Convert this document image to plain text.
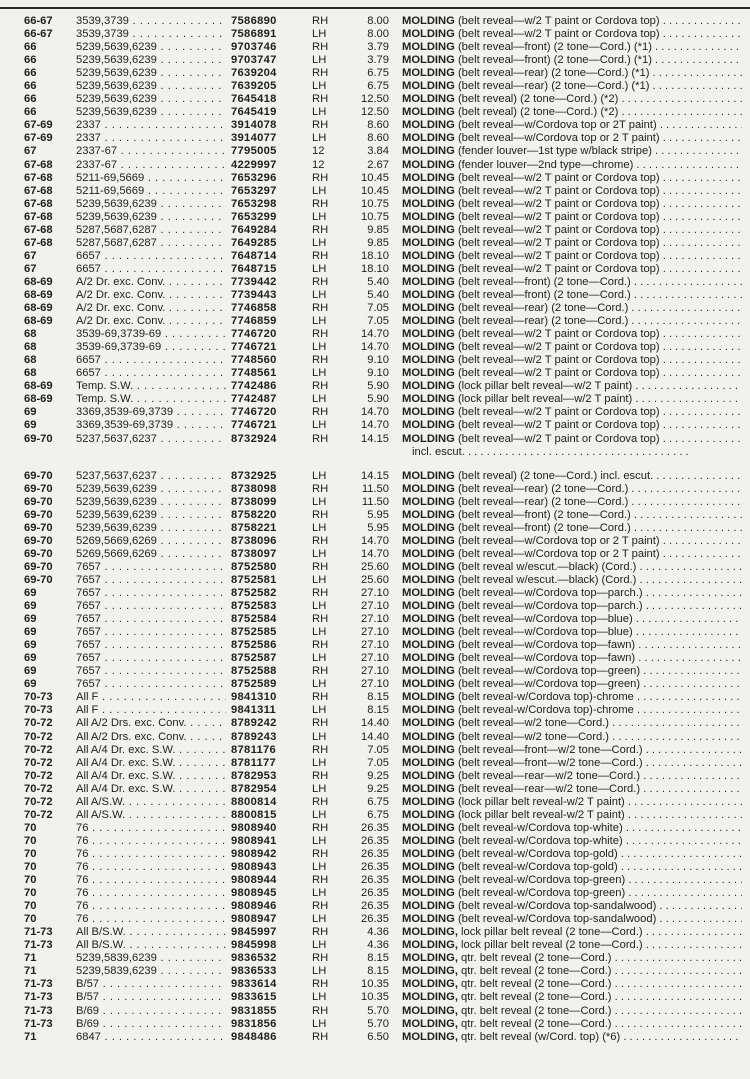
66-67 3539,3739 . . .	7586890	RH	8.00 MOLDING (belt reveal—w/2 T paint or Cordova top) . . .
66-67 3539,3739 . . .	7586891	LH	8.00 MOLDING (belt reveal—w/2 T paint or Cordova top) . . .
66	5239,5639,6239 . . .	9703746	RH	3.79 MOLDING (belt reveal—front) (2 tone—Cord.) (*1) . . .
66	5239,5639,6239 . . .	9703747	LH	3.79 MOLDING (belt reveal—front) (2 tone—Cord.) (*1) . . .
66	5239,5639,6239 . . .	7639204	RH	6.75 MOLDING (belt reveal—rear) (2 tone—Cord.) (*1) . . .
66	5239,5639,6239 . . .	7639205	LH	6.75 MOLDING (belt reveal—rear) (2 tone—Cord.) (*1) . . .
66	5239,5639,6239 . . .	7645418	RH	12.50 MOLDING (belt reveal) (2 tone—Cord.) (*2) . . .
66	5239,5639,6239 . . .	7645419	LH	12.50 MOLDING (belt reveal) (2 tone—Cord.) (*2) . . .
67-69 2337 . . .	3914078	RH	8.60 MOLDING (belt reveal—w/Cordova top or 2T paint) . . .
67-69 2337 . . .	3914077	LH	8.60 MOLDING (belt reveal—w/Cordova top or 2 T paint) . . .
67	2337-67 . . .	7795005	12	3.84 MOLDING (fender louver—1st type w/black stripe) . . .
67-68 2337-67 . . .	4229997	12	2.67 MOLDING (fender louver—2nd type—chrome) . . .
67-68 5211-69,5669 . . .	7653296	RH	10.45 MOLDING (belt reveal—w/2 T paint or Cordova top) . . .
67-68 5211-69,5669 . . .	7653297	LH	10.45 MOLDING (belt reveal—w/2 T paint or Cordova top) . . .
67-68 5239,5639,6239 . . .	7653298	RH	10.75 MOLDING (belt reveal—w/2 T paint or Cordova top) . . .
67-68 5239,5639,6239 . . .	7653299	LH	10.75 MOLDING (belt reveal—w/2 T paint or Cordova top) . . .
67-68 5287,5687,6287 . . .	7649284	RH	9.85 MOLDING (belt reveal—w/2 T paint or Cordova top) . . .
67-68 5287,5687,6287 . . .	7649285	LH	9.85 MOLDING (belt reveal—w/2 T paint or Cordova top) . . .
67	6657 . . .	7648714	RH	18.10 MOLDING (belt reveal—w/2 T paint or Cordova top) . . .
67	6657 . . .	7648715	LH	18.10 MOLDING (belt reveal—w/2 T paint or Cordova top) . . .
68-69 A/2 Dr. exc. Conv. . . .	7739442	RH	5.40 MOLDING (belt reveal—front) (2 tone—Cord.) . . .
68-69 A/2 Dr. exc. Conv. . . .	7739443	LH	5.40 MOLDING (belt reveal—front) (2 tone—Cord.) . . .
68-69 A/2 Dr. exc. Conv. . . .	7746858	RH	7.05 MOLDING (belt reveal—rear) (2 tone—Cord.) . . .
68-69 A/2 Dr. exc. Conv. . . .	7746859	LH	7.05 MOLDING (belt reveal—rear) (2 tone—Cord.) . . .
68	3539-69,3739-69 . . .	7746720	RH	14.70 MOLDING (belt reveal—w/2 T paint or Cordova top) . . .
68	3539-69,3739-69 . . .	7746721	LH	14.70 MOLDING (belt reveal—w/2 T paint or Cordova top) . . .
68	6657 . . .	7748560	RH	9.10 MOLDING (belt reveal—w/2 T paint or Cordova top) . . .
68	6657 . . .	7748561	LH	9.10 MOLDING (belt reveal—w/2 T paint or Cordova top) . . .
68-69 Temp. S.W. . . .	7742486	RH	5.90 MOLDING (lock pillar belt reveal—w/2 T paint) . . .
68-69 Temp. S.W. . . .	7742487	LH	5.90 MOLDING (lock pillar belt reveal—w/2 T paint) . . .
69	3369,3539-69,3739 . . .	7746720	RH	14.70 MOLDING (belt reveal—w/2 T paint or Cordova top) . . .
69	3369,3539-69,3739 . . .	7746721	LH	14.70 MOLDING (belt reveal—w/2 T paint or Cordova top) . . .
69-70 5237,5637,6237 . . .	8732924	RH	14.15 MOLDING (belt reveal—w/2 T paint or Cordova top) . . .
incl. escut. . . .
69-70 5237,5637,6237 . . .	8732925	LH	14.15 MOLDING (belt reveal) (2 tone—Cord.) incl. escut. . . .
69-70 5239,5639,6239 . . .	8738098	RH	11.50 MOLDING (belt reveal—rear) (2 tone—Cord.) . . .
69-70 5239,5639,6239 . . .	8738099	LH	11.50 MOLDING (belt reveal—rear) (2 tone—Cord.) . . .
69-70 5239,5639,6239 . . .	8758220	RH	5.95 MOLDING (belt reveal—front) (2 tone—Cord.) . . .
69-70 5239,5639,6239 . . .	8758221	LH	5.95 MOLDING (belt reveal—front) (2 tone—Cord.) . . .
69-70 5269,5669,6269 . . .	8738096	RH	14.70 MOLDING (belt reveal—w/Cordova top or 2 T paint) . . .
69-70 5269,5669,6269 . . .	8738097	LH	14.70 MOLDING (belt reveal—w/Cordova top or 2 T paint) . . .
69-70 7657 . . .	8752580	RH	25.60 MOLDING (belt reveal w/escut.—black) (Cord.) . . .
69-70 7657 . . .	8752581	LH	25.60 MOLDING (belt reveal w/escut.—black) (Cord.) . . .
69	7657 . . .	8752582	RH	27.10 MOLDING (belt reveal—w/Cordova top—parch.) . . .
69	7657 . . .	8752583	LH	27.10 MOLDING (belt reveal—w/Cordova top—parch.) . . .
69	7657 . . .	8752584	RH	27.10 MOLDING (belt reveal—w/Cordova top—blue) . . .
69	7657 . . .	8752585	LH	27.10 MOLDING (belt reveal—w/Cordova top—blue) . . .
69	7657 . . .	8752586	RH	27.10 MOLDING (belt reveal—w/Cordova top—fawn) . . .
69	7657 . . .	8752587	LH	27.10 MOLDING (belt reveal—w/Cordova top—fawn) . . .
69	7657 . . .	8752588	RH	27.10 MOLDING (belt reveal—w/Cordova top—green) . . .
69	7657 . . .	8752589	LH	27.10 MOLDING (belt reveal—w/Cordova top—green) . . .
70-73 All F . . .	9841310	RH	8.15 MOLDING (belt reveal-w/Cordova top)-chrome . . .
70-73 All F . . .	9841311	LH	8.15 MOLDING (belt reveal-w/Cordova top)-chrome . . .
70-72 All A/2 Drs. exc. Conv. . . .	8789242	RH	14.40 MOLDING (belt reveal—w/2 tone—Cord.) . . .
70-72 All A/2 Drs. exc. Conv. . . .	8789243	LH	14.40 MOLDING (belt reveal—w/2 tone—Cord.) . . .
70-72 All A/4 Dr. exc. S.W. . . .	8781176	RH	7.05 MOLDING (belt reveal—front—w/2 tone—Cord.) . . .
70-72 All A/4 Dr. exc. S.W. . . .	8781177	LH	7.05 MOLDING (belt reveal—front—w/2 tone—Cord.) . . .
70-72 All A/4 Dr. exc. S.W. . . .	8782953	RH	9.25 MOLDING (belt reveal—rear—w/2 tone—Cord.) . . .
70-72 All A/4 Dr. exc. S.W. . . .	8782954	LH	9.25 MOLDING (belt reveal—rear—w/2 tone—Cord.) . . .
70-72 All A/S.W. . . .	8800814	RH	6.75 MOLDING (lock pillar belt reveal-w/2 T paint) . . .
70-72 All A/S.W. . . .	8800815	LH	6.75 MOLDING (lock pillar belt reveal-w/2 T paint) . . .
70	76 . . .	9808940	RH	26.35 MOLDING (belt reveal-w/Cordova top-white) . . .
70	76 . . .	9808941	LH	26.35 MOLDING (belt reveal-w/Cordova top-white) . . .
70	76 . . .	9808942	RH	26.35 MOLDING (belt reveal-w/Cordova top-gold) . . .
70	76 . . .	9808943	LH	26.35 MOLDING (belt reveal-w/Cordova top-gold) . . .
70	76 . . .	9808944	RH	26.35 MOLDING (belt reveal-w/Cordova top-green) . . .
70	76 . . .	9808945	LH	26.35 MOLDING (belt reveal-w/Cordova top-green) . . .
70	76 . . .	9808946	RH	26.35 MOLDING (belt reveal-w/Cordova top-sandalwood) . . .
70	76 . . .	9808947	LH	26.35 MOLDING (belt reveal-w/Cordova top-sandalwood) . . .
71-73 All B/S.W. . . .	9845997	RH	4.36 MOLDING, lock pillar belt reveal (2 tone—Cord.) . . .
71-73 All B/S.W. . . .	9845998	LH	4.36 MOLDING, lock pillar belt reveal (2 tone—Cord.) . . .
71	5239,5839,6239 . . .	9836532	RH	8.15 MOLDING, qtr. belt reveal (2 tone—Cord.) . . .
71	5239,5839,6239 . . .	9836533	LH	8.15 MOLDING, qtr. belt reveal (2 tone—Cord.) . . .
71-73 B/57 . . .	9833614	RH	10.35 MOLDING, qtr. belt reveal (2 tone—Cord.) . . .
71-73 B/57 . . .	9833615	LH	10.35 MOLDING, qtr. belt reveal (2 tone—Cord.) . . .
71-73 B/69 . . .	9831855	RH	5.70 MOLDING, qtr. belt reveal (2 tone—Cord.) . . .
71-73 B/69 . . .	9831856	LH	5.70 MOLDING, qtr. belt reveal (2 tone—Cord.) . . .
71	6847 . . .	9848486	RH	6.50 MOLDING, qtr. belt reveal (w/Cord. top) (*6) . . .
